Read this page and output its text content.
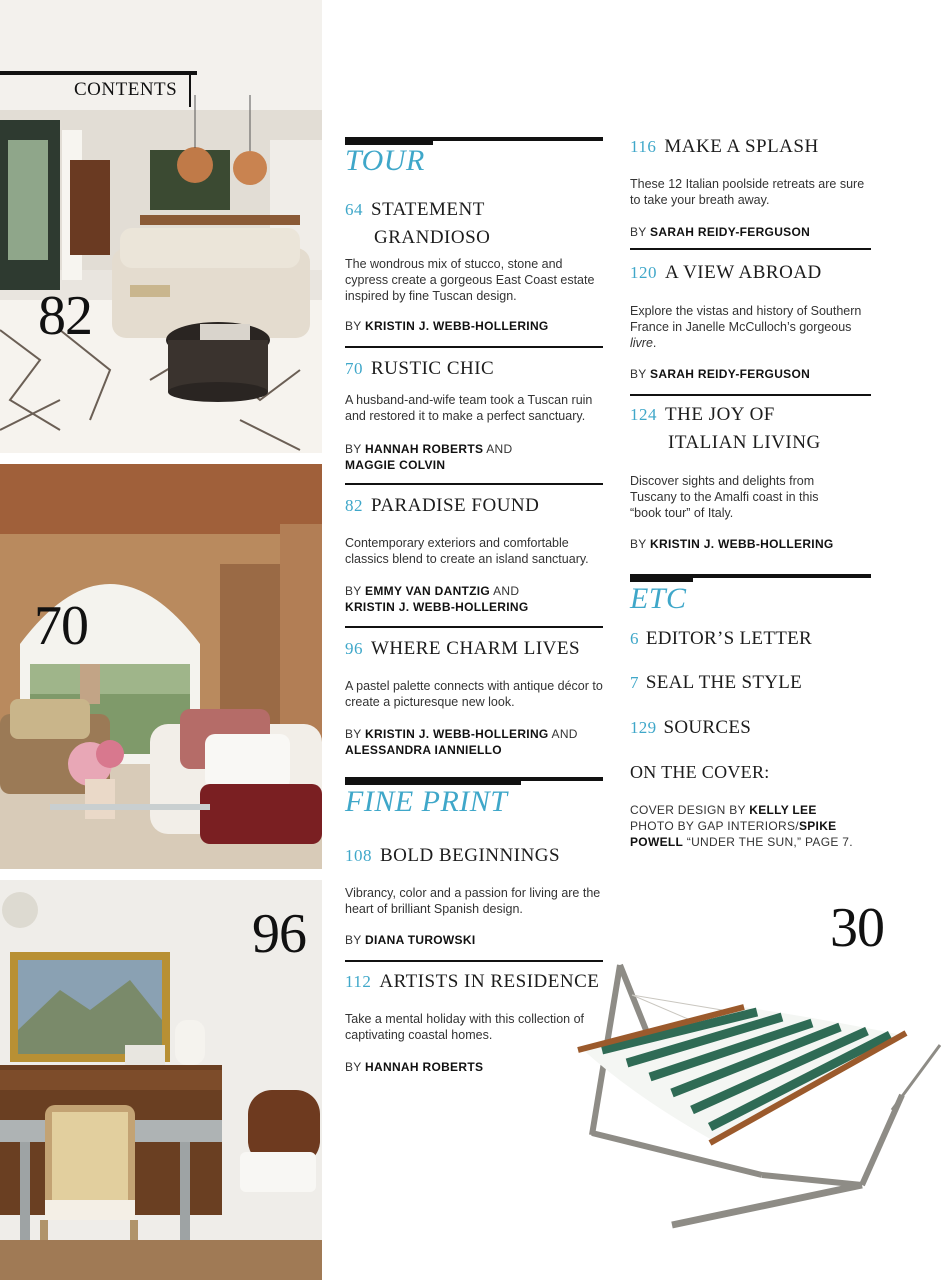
CONTENTS
82
70
96	30
TOUR
64 STATEMENT
GRANDIOSO
The wondrous mix of stucco, stone and cypress create a gorgeous East Coast estate inspired by fine Tuscan design.
BY KRISTIN J. WEBB-HOLLERING
70 RUSTIC CHIC
A husband-and-wife team took a Tuscan ruin and restored it to make a perfect sanctuary.
BY HANNAH ROBERTS AND
MAGGIE COLVIN
82 PARADISE FOUND
Contemporary exteriors and comfortable classics blend to create an island sanctuary.
BY EMMY VAN DANTZIG AND
KRISTIN J. WEBB-HOLLERING
96 WHERE CHARM LIVES
A pastel palette connects with antique décor to create a picturesque new look.
BY KRISTIN J. WEBB-HOLLERING AND
ALESSANDRA IANNIELLO
FINE PRINT
108 BOLD BEGINNINGS
Vibrancy, color and a passion for living are the heart of brilliant Spanish design.
BY DIANA TUROWSKI
112 ARTISTS IN RESIDENCE
Take a mental holiday with this collection of captivating coastal homes.
BY HANNAH ROBERTS
116 MAKE A SPLASH
These 12 Italian poolside retreats are sure to take your breath away.
BY SARAH REIDY-FERGUSON
120 A VIEW ABROAD
Explore the vistas and history of Southern France in Janelle McCulloch’s gorgeous livre.
BY SARAH REIDY-FERGUSON
124 THE JOY OF
ITALIAN LIVING
Discover sights and delights from Tuscany to the Amalfi coast in this “book tour” of Italy.
BY KRISTIN J. WEBB-HOLLERING
ETC
6 EDITOR’S LETTER
7 SEAL THE STYLE
129 SOURCES
ON THE COVER:
COVER DESIGN BY KELLY LEE
PHOTO BY GAP INTERIORS/SPIKE
POWELL “UNDER THE SUN,” PAGE 7.
